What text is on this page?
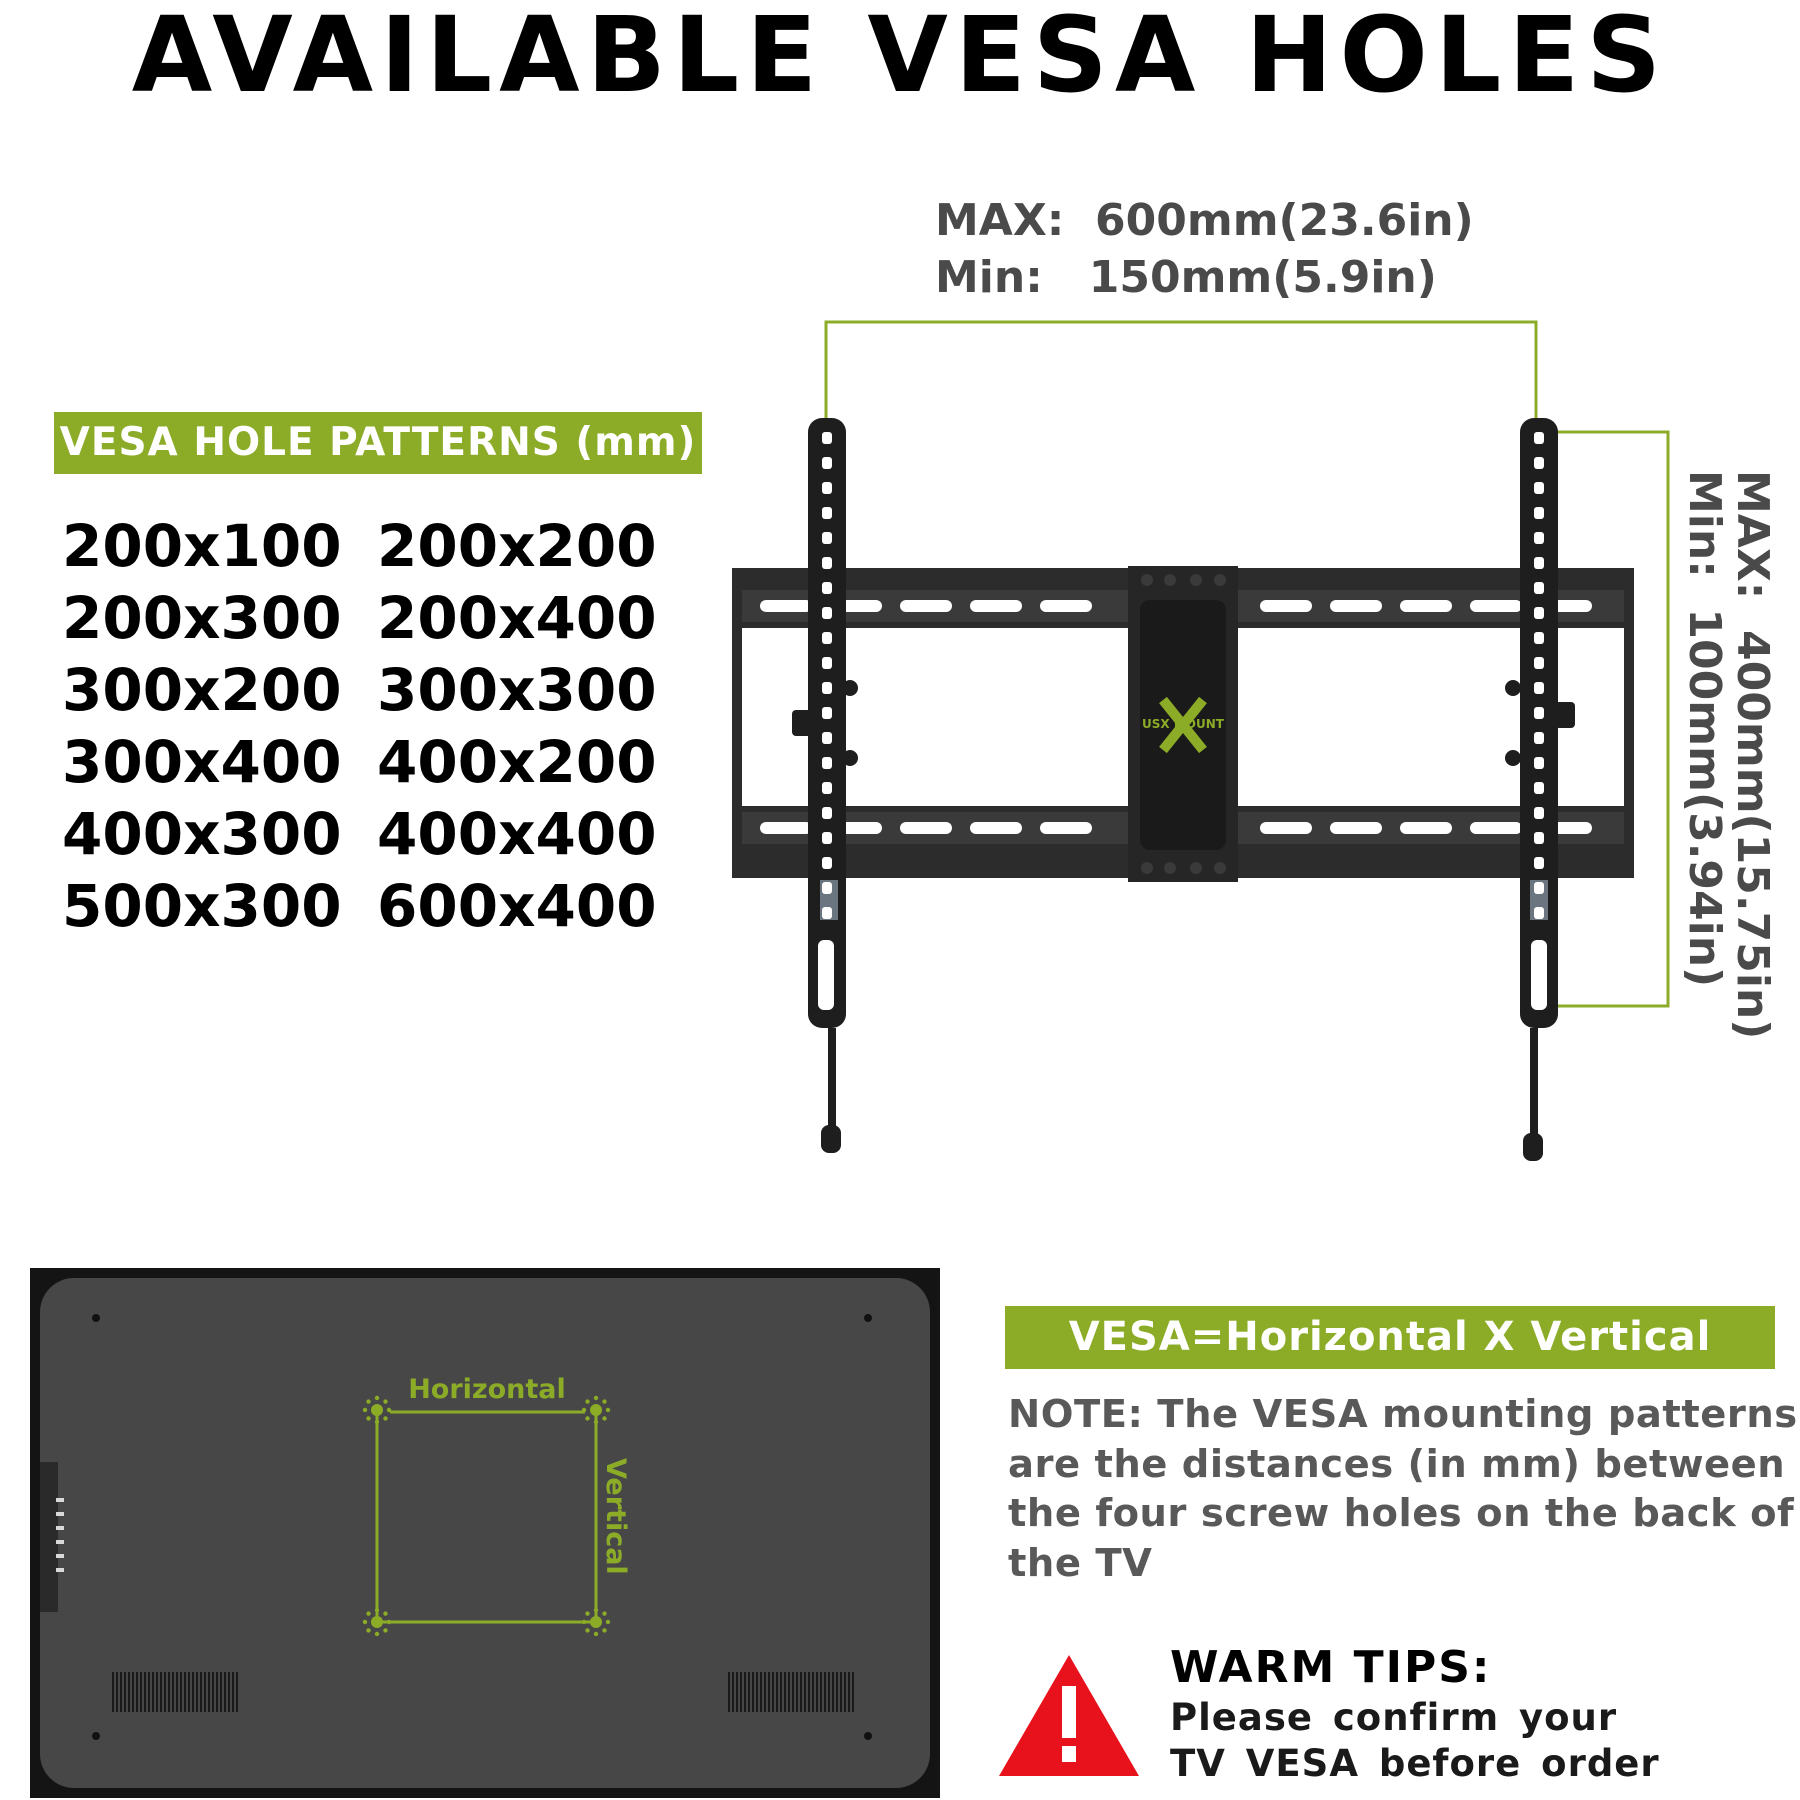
AVAILABLE VESA HOLES
MAX:  600mm(23.6in)
Min:   150mm(5.9in)
VESA HOLE PATTERNS (mm)
200x100 200x200
200x300 200x400
300x200 300x300
300x400 400x200
400x300 400x400
500x300 600x400
USX MOUNT	MAX:  400mm(15.75in)
Min:  100mm(3.94in)
Horizontal
Vertical
VESA=Horizontal X Vertical
NOTE: The VESA mounting patterns are the distances (in mm) between the four screw holes on the back of the TV
WARM TIPS:
Please confirm your
TV VESA before order
